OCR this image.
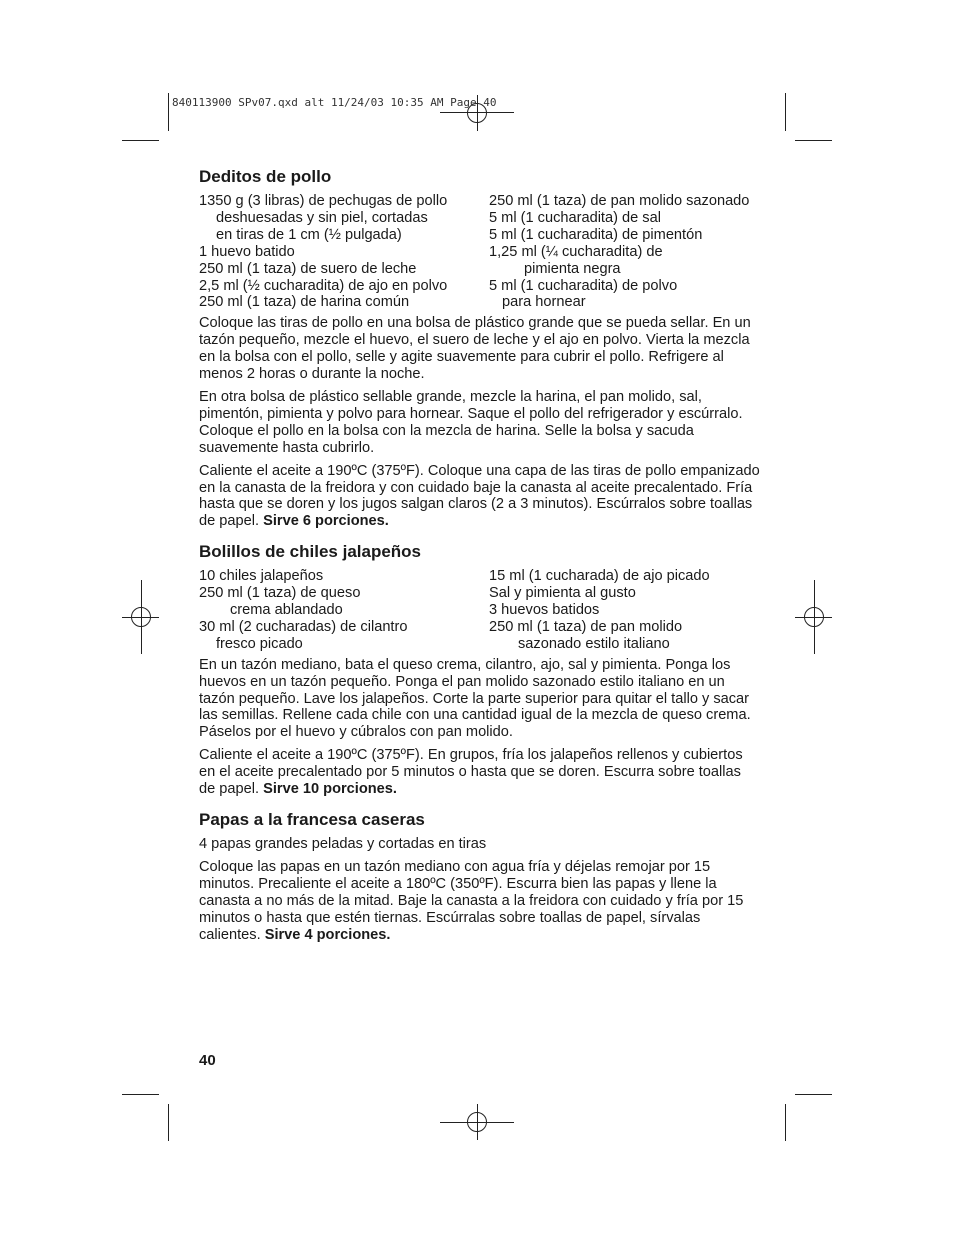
840113900 SPv07.qxd alt 11/24/03 10:35 AM Page 40
Deditos de pollo
1350 g (3 libras) de pechugas de pollo
deshuesadas y sin piel, cortadas
en tiras de 1 cm (½ pulgada)
1 huevo batido
250 ml (1 taza) de suero de leche
2,5 ml (½ cucharadita) de ajo en polvo
250 ml (1 taza) de harina común
250 ml (1 taza) de pan molido sazonado
5 ml (1 cucharadita) de sal
5 ml (1 cucharadita) de pimentón
1,25 ml (¼ cucharadita) de
pimienta negra
5 ml (1 cucharadita) de polvo
para hornear

Coloque las tiras de pollo en una bolsa de plástico grande que se pueda sellar. En un tazón pequeño, mezcle el huevo, el suero de leche y el ajo en polvo. Vierta la mezcla en la bolsa con el pollo, selle y agite suavemente para cubrir el pollo. Refrigere al menos 2 horas o durante la noche.

En otra bolsa de plástico sellable grande, mezcle la harina, el pan molido, sal, pimentón, pimienta y polvo para hornear. Saque el pollo del refrigerador y escúrralo. Coloque el pollo en la bolsa con la mezcla de harina. Selle la bolsa y sacuda suavemente hasta cubrirlo.

Caliente el aceite a 190ºC (375ºF). Coloque una capa de las tiras de pollo empanizado en la canasta de la freidora y con cuidado baje la canasta al aceite precalentado. Fría hasta que se doren y los jugos salgan claros (2 a 3 minutos). Escúrralos sobre toallas de papel. Sirve 6 porciones.

Bolillos de chiles jalapeños
10 chiles jalapeños
250 ml (1 taza) de queso
crema ablandado
30 ml (2 cucharadas) de cilantro
fresco picado
15 ml (1 cucharada) de ajo picado
Sal y pimienta al gusto
3 huevos batidos
250 ml (1 taza) de pan molido
sazonado estilo italiano

En un tazón mediano, bata el queso crema, cilantro, ajo, sal y pimienta. Ponga los huevos en un tazón pequeño. Ponga el pan molido sazonado estilo italiano en un tazón pequeño. Lave los jalapeños. Corte la parte superior para quitar el tallo y sacar las semillas. Rellene cada chile con una cantidad igual de la mezcla de queso crema. Páselos por el huevo y cúbralos con pan molido.

Caliente el aceite a 190ºC (375ºF). En grupos, fría los jalapeños rellenos y cubiertos en el aceite precalentado por 5 minutos o hasta que se doren. Escurra sobre toallas de papel. Sirve 10 porciones.

Papas a la francesa caseras

4 papas grandes peladas y cortadas en tiras

Coloque las papas en un tazón mediano con agua fría y déjelas remojar por 15 minutos. Precaliente el aceite a 180ºC (350ºF). Escurra bien las papas y llene la canasta a no más de la mitad. Baje la canasta a la freidora con cuidado y fría por 15 minutos o hasta que estén tiernas. Escúrralas sobre toallas de papel, sírvalas calientes. Sirve 4 porciones.

40
